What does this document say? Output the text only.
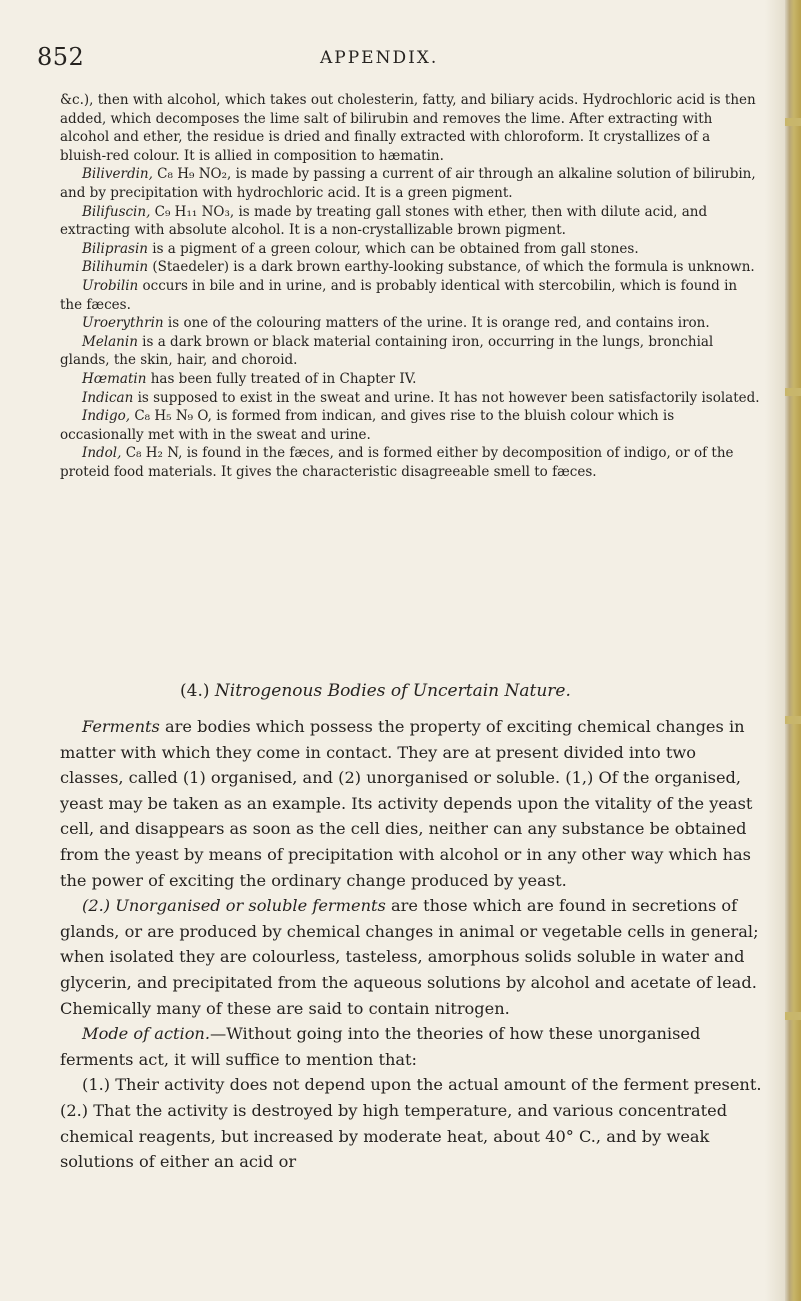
852	APPENDIX.

&c.), then with alcohol, which takes out cholesterin, fatty, and biliary acids. Hydrochloric acid is then added, which decomposes the lime salt of bilirubin and removes the lime. After extracting with alcohol and ether, the residue is dried and finally extracted with chloroform. It crystallizes of a bluish-red colour. It is allied in composition to hæmatin.

Biliverdin, C₈ H₉ NO₂, is made by passing a current of air through an alkaline solution of bilirubin, and by precipitation with hydrochloric acid. It is a green pigment.

Bilifuscin, C₉ H₁₁ NO₃, is made by treating gall stones with ether, then with dilute acid, and extracting with absolute alcohol. It is a non-crystallizable brown pigment.

Biliprasin is a pigment of a green colour, which can be obtained from gall stones.

Bilihumin (Staedeler) is a dark brown earthy-looking substance, of which the formula is unknown.

Urobilin occurs in bile and in urine, and is probably identical with stercobilin, which is found in the fæces.

Uroerythrin is one of the colouring matters of the urine. It is orange red, and contains iron.

Melanin is a dark brown or black material containing iron, occurring in the lungs, bronchial glands, the skin, hair, and choroid.

Hœmatin has been fully treated of in Chapter IV.

Indican is supposed to exist in the sweat and urine. It has not however been satisfactorily isolated.

Indigo, C₈ H₅ N₉ O, is formed from indican, and gives rise to the bluish colour which is occasionally met with in the sweat and urine.

Indol, C₈ H₂ N, is found in the fæces, and is formed either by decomposition of indigo, or of the proteid food materials. It gives the characteristic disagreeable smell to fæces.

(4.) Nitrogenous Bodies of Uncertain Nature.

Ferments are bodies which possess the property of exciting chemical changes in matter with which they come in contact. They are at present divided into two classes, called (1) organised, and (2) unorganised or soluble. (1,) Of the organised, yeast may be taken as an example. Its activity depends upon the vitality of the yeast cell, and disappears as soon as the cell dies, neither can any substance be obtained from the yeast by means of precipitation with alcohol or in any other way which has the power of exciting the ordinary change produced by yeast.

(2.) Unorganised or soluble ferments are those which are found in secretions of glands, or are produced by chemical changes in animal or vegetable cells in general; when isolated they are colourless, tasteless, amorphous solids soluble in water and glycerin, and precipitated from the aqueous solutions by alcohol and acetate of lead. Chemically many of these are said to contain nitrogen.

Mode of action.—Without going into the theories of how these unorganised ferments act, it will suffice to mention that:

(1.) Their activity does not depend upon the actual amount of the ferment present. (2.) That the activity is destroyed by high temperature, and various concentrated chemical reagents, but increased by moderate heat, about 40° C., and by weak solutions of either an acid or
